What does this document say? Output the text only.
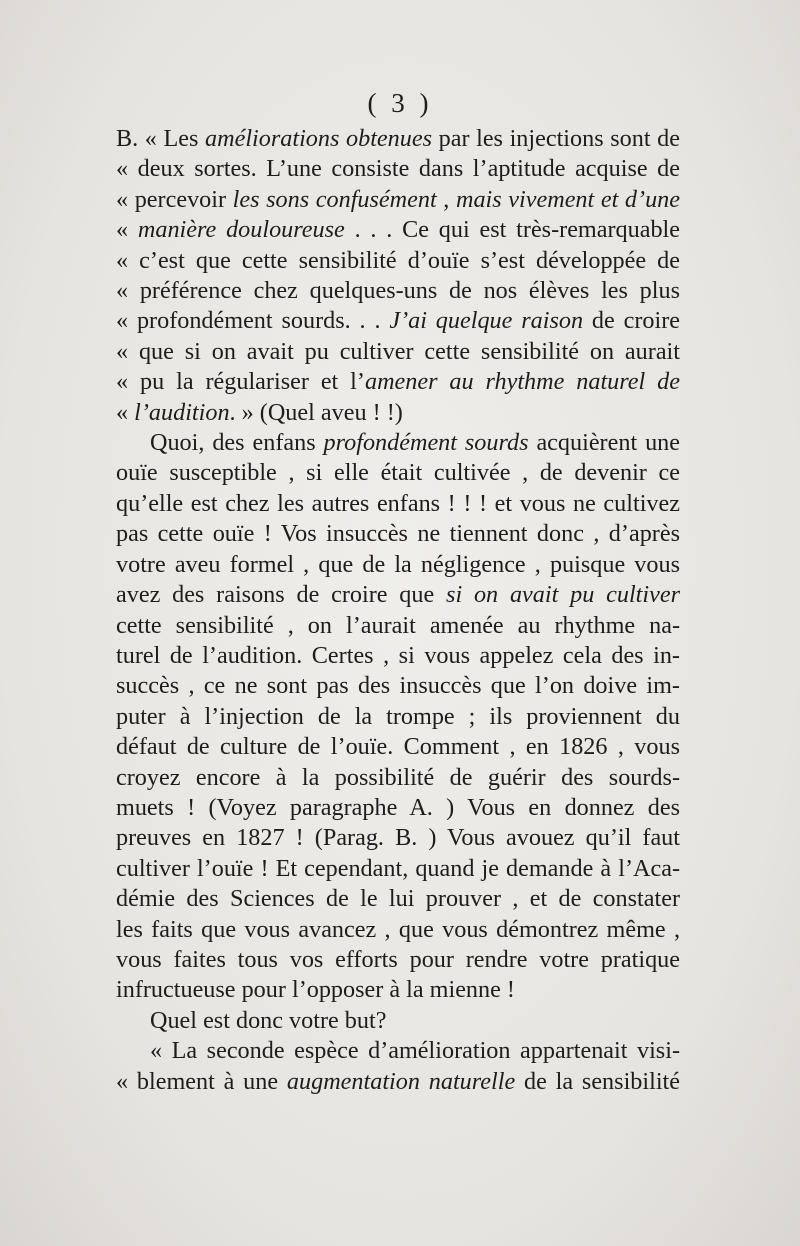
( 3 )
B. « Les améliorations obtenues par les injections sont de
« deux sortes. L’une consiste dans l’aptitude acquise de
« percevoir les sons confusément , mais vivement et d’une
« manière douloureuse . . . Ce qui est très-remarquable
« c’est que cette sensibilité d’ouïe s’est développée de
« préférence chez quelques-uns de nos élèves les plus
« profondément sourds. . . J’ai quelque raison de croire
« que si on avait pu cultiver cette sensibilité on aurait
« pu la régulariser et l’amener au rhythme naturel de
« l’audition. » (Quel aveu ! !)
Quoi, des enfans profondément sourds acquièrent une
ouïe susceptible , si elle était cultivée , de devenir ce
qu’elle est chez les autres enfans ! ! ! et vous ne cultivez
pas cette ouïe ! Vos insuccès ne tiennent donc , d’après
votre aveu formel , que de la négligence , puisque vous
avez des raisons de croire que si on avait pu cultiver
cette sensibilité , on l’aurait amenée au rhythme na-
turel de l’audition. Certes , si vous appelez cela des in-
succès , ce ne sont pas des insuccès que l’on doive im-
puter à l’injection de la trompe ; ils proviennent du
défaut de culture de l’ouïe. Comment , en 1826 , vous
croyez encore à la possibilité de guérir des sourds-
muets ! (Voyez paragraphe A. ) Vous en donnez des
preuves en 1827 ! (Parag. B. ) Vous avouez qu’il faut
cultiver l’ouïe ! Et cependant, quand je demande à l’Aca-
démie des Sciences de le lui prouver , et de constater
les faits que vous avancez , que vous démontrez même ,
vous faites tous vos efforts pour rendre votre pratique
infructueuse pour l’opposer à la mienne !
Quel est donc votre but?
« La seconde espèce d’amélioration appartenait visi-
« blement à une augmentation naturelle de la sensibilité
